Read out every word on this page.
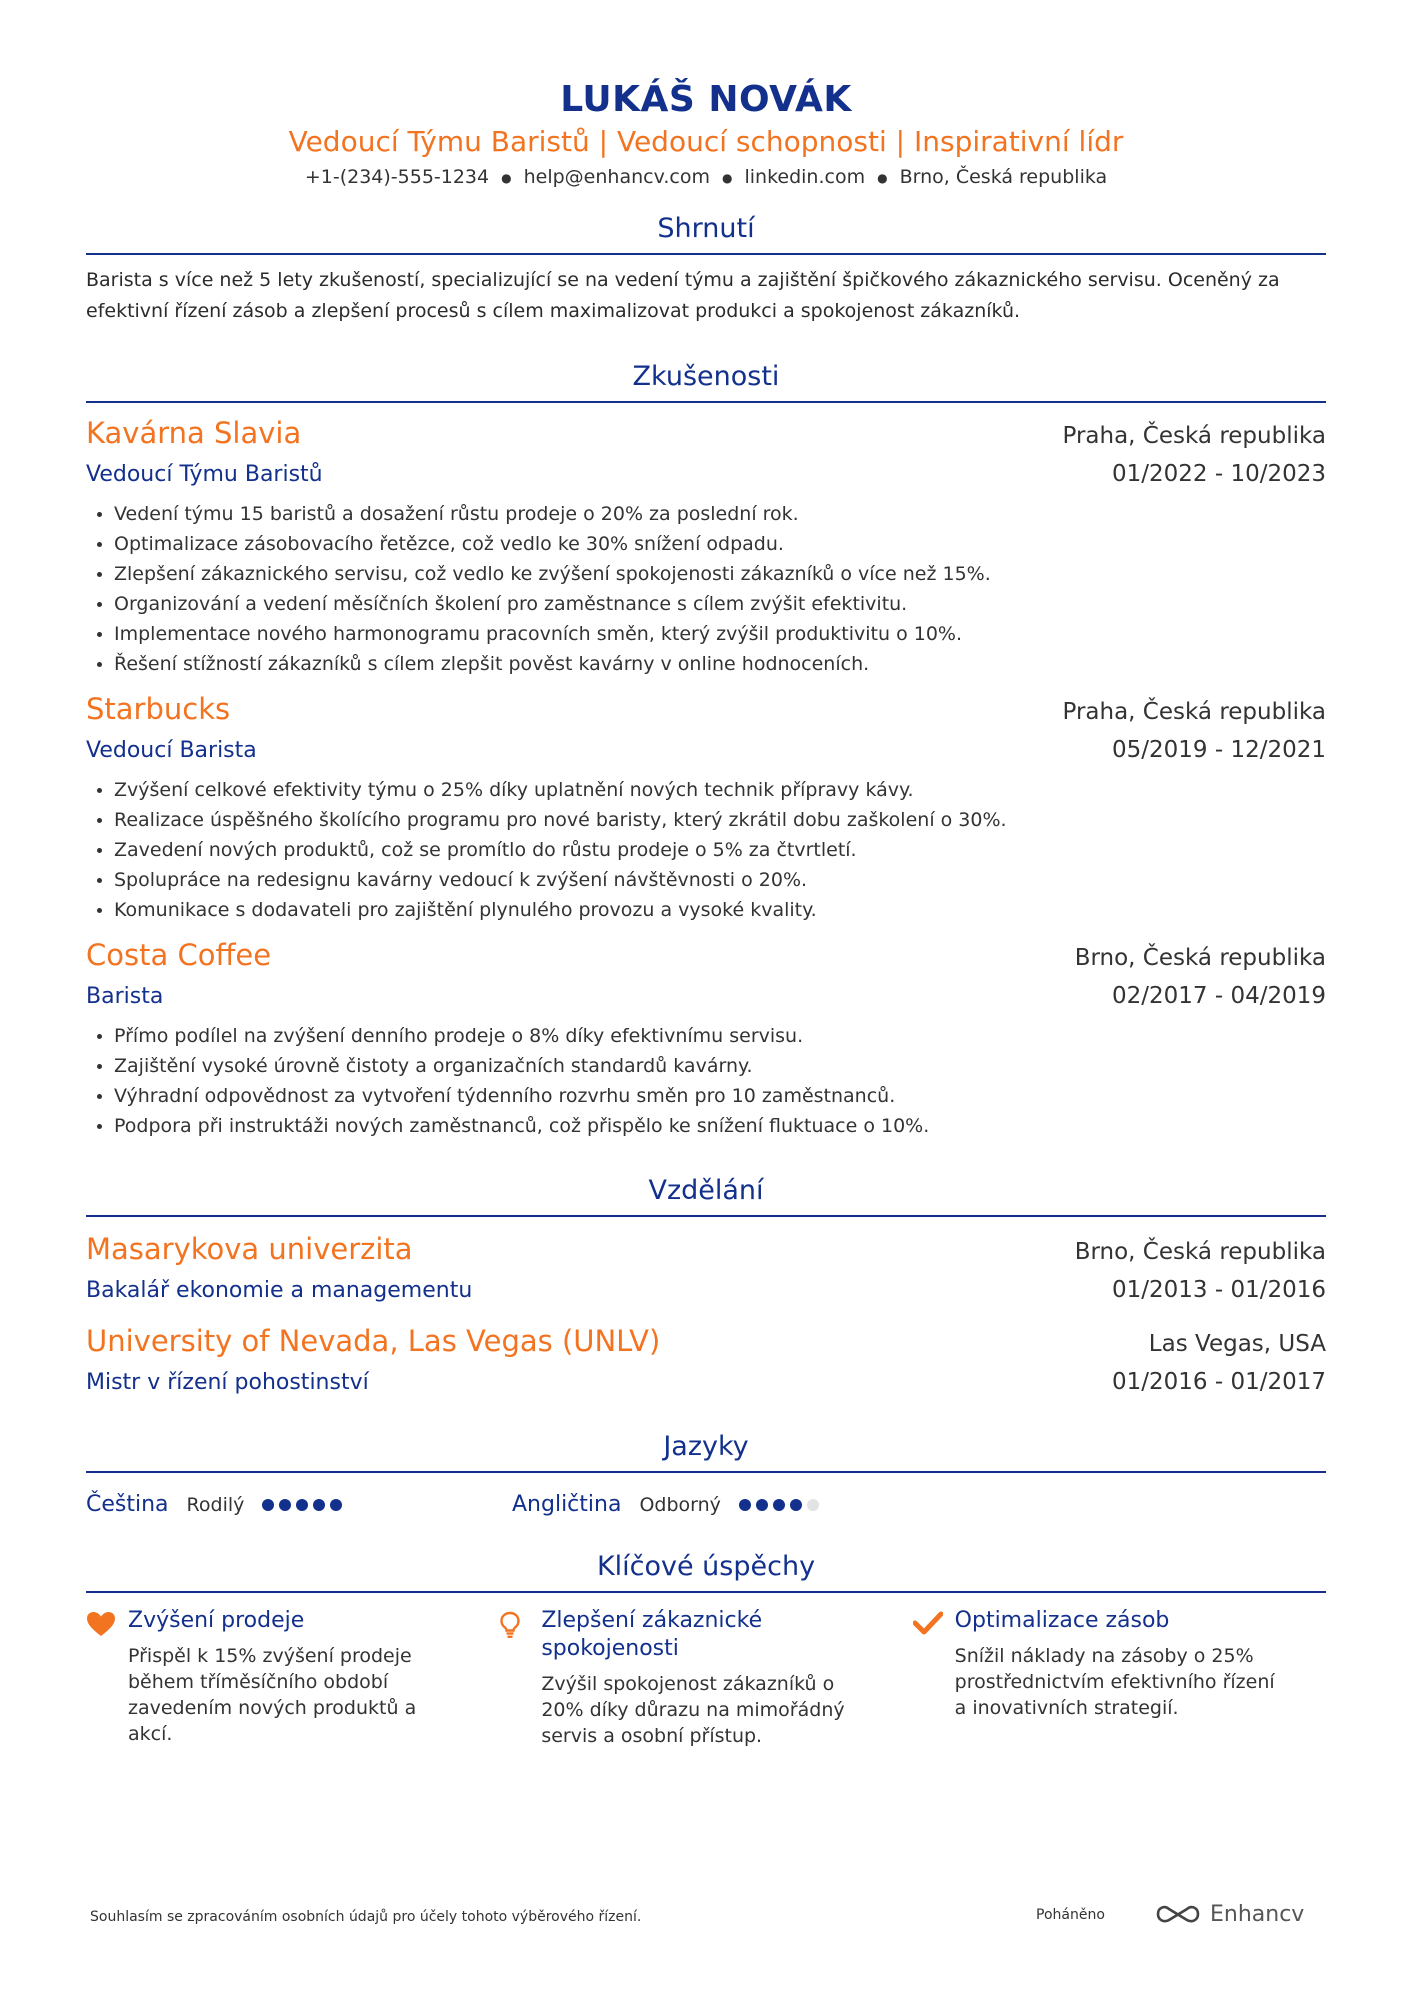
LUKÁŠ NOVÁK
Vedoucí Týmu Baristů | Vedoucí schopnosti | Inspirativní lídr
+1-(234)-555-1234 ● help@enhancv.com ● linkedin.com ● Brno, Česká republika
Shrnutí
Barista s více než 5 lety zkušeností, specializující se na vedení týmu a zajištění špičkového zákaznického servisu. Oceněný za efektivní řízení zásob a zlepšení procesů s cílem maximalizovat produkci a spokojenost zákazníků.
Zkušenosti
Kavárna Slavia	Praha, Česká republika
Vedoucí Týmu Baristů	01/2022 - 10/2023
• Vedení týmu 15 baristů a dosažení růstu prodeje o 20% za poslední rok.
• Optimalizace zásobovacího řetězce, což vedlo ke 30% snížení odpadu.
• Zlepšení zákaznického servisu, což vedlo ke zvýšení spokojenosti zákazníků o více než 15%.
• Organizování a vedení měsíčních školení pro zaměstnance s cílem zvýšit efektivitu.
• Implementace nového harmonogramu pracovních směn, který zvýšil produktivitu o 10%.
• Řešení stížností zákazníků s cílem zlepšit pověst kavárny v online hodnoceních.
Starbucks	Praha, Česká republika
Vedoucí Barista	05/2019 - 12/2021
• Zvýšení celkové efektivity týmu o 25% díky uplatnění nových technik přípravy kávy.
• Realizace úspěšného školícího programu pro nové baristy, který zkrátil dobu zaškolení o 30%.
• Zavedení nových produktů, což se promítlo do růstu prodeje o 5% za čtvrtletí.
• Spolupráce na redesignu kavárny vedoucí k zvýšení návštěvnosti o 20%.
• Komunikace s dodavateli pro zajištění plynulého provozu a vysoké kvality.
Costa Coffee	Brno, Česká republika
Barista	02/2017 - 04/2019
• Přímo podílel na zvýšení denního prodeje o 8% díky efektivnímu servisu.
• Zajištění vysoké úrovně čistoty a organizačních standardů kavárny.
• Výhradní odpovědnost za vytvoření týdenního rozvrhu směn pro 10 zaměstnanců.
• Podpora při instruktáži nových zaměstnanců, což přispělo ke snížení fluktuace o 10%.
Vzdělání
Masarykova univerzita	Brno, Česká republika
Bakalář ekonomie a managementu	01/2013 - 01/2016
University of Nevada, Las Vegas (UNLV)	Las Vegas, USA
Mistr v řízení pohostinství	01/2016 - 01/2017
Jazyky
Čeština Rodilý	Angličtina Odborný
Klíčové úspěchy
Zvýšení prodeje
Přispěl k 15% zvýšení prodeje během tříměsíčního období zavedením nových produktů a akcí.
Zlepšení zákaznické spokojenosti
Zvýšil spokojenost zákazníků o 20% díky důrazu na mimořádný servis a osobní přístup.
Optimalizace zásob
Snížil náklady na zásoby o 25% prostřednictvím efektivního řízení a inovativních strategií.
Souhlasím se zpracováním osobních údajů pro účely tohoto výběrového řízení.	Poháněno	Enhancv
